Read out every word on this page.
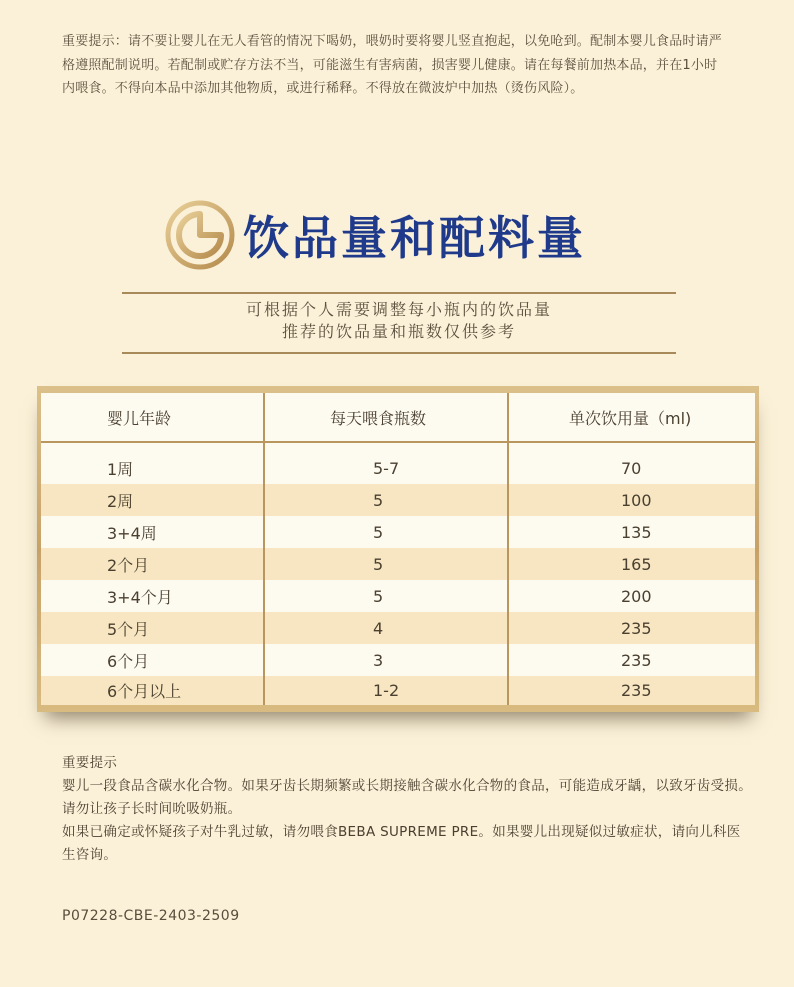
重要提示：请不要让婴儿在无人看管的情况下喝奶，喂奶时要将婴儿竖直抱起，以免呛到。配制本婴儿食品时请严格遵照配制说明。若配制或贮存方法不当，可能滋生有害病菌，损害婴儿健康。请在每餐前加热本品，并在1小时内喂食。不得向本品中添加其他物质，或进行稀释。不得放在微波炉中加热（烫伤风险）。
饮品量和配料量
可根据个人需要调整每小瓶内的饮品量
推荐的饮品量和瓶数仅供参考
婴儿年龄	每天喂食瓶数	单次饮用量（ml)
1周	5-7	70
2周	5	100
3+4周	5	135
2个月	5	165
3+4个月	5	200
5个月	4	235
6个月	3	235
6个月以上	1-2	235
重要提示
婴儿一段食品含碳水化合物。如果牙齿长期频繁或长期接触含碳水化合物的食品，可能造成牙龋，以致牙齿受损。请勿让孩子长时间吮吸奶瓶。
如果已确定或怀疑孩子对牛乳过敏，请勿喂食BEBA SUPREME PRE。如果婴儿出现疑似过敏症状，请向儿科医生咨询。
P07228-CBE-2403-2509
